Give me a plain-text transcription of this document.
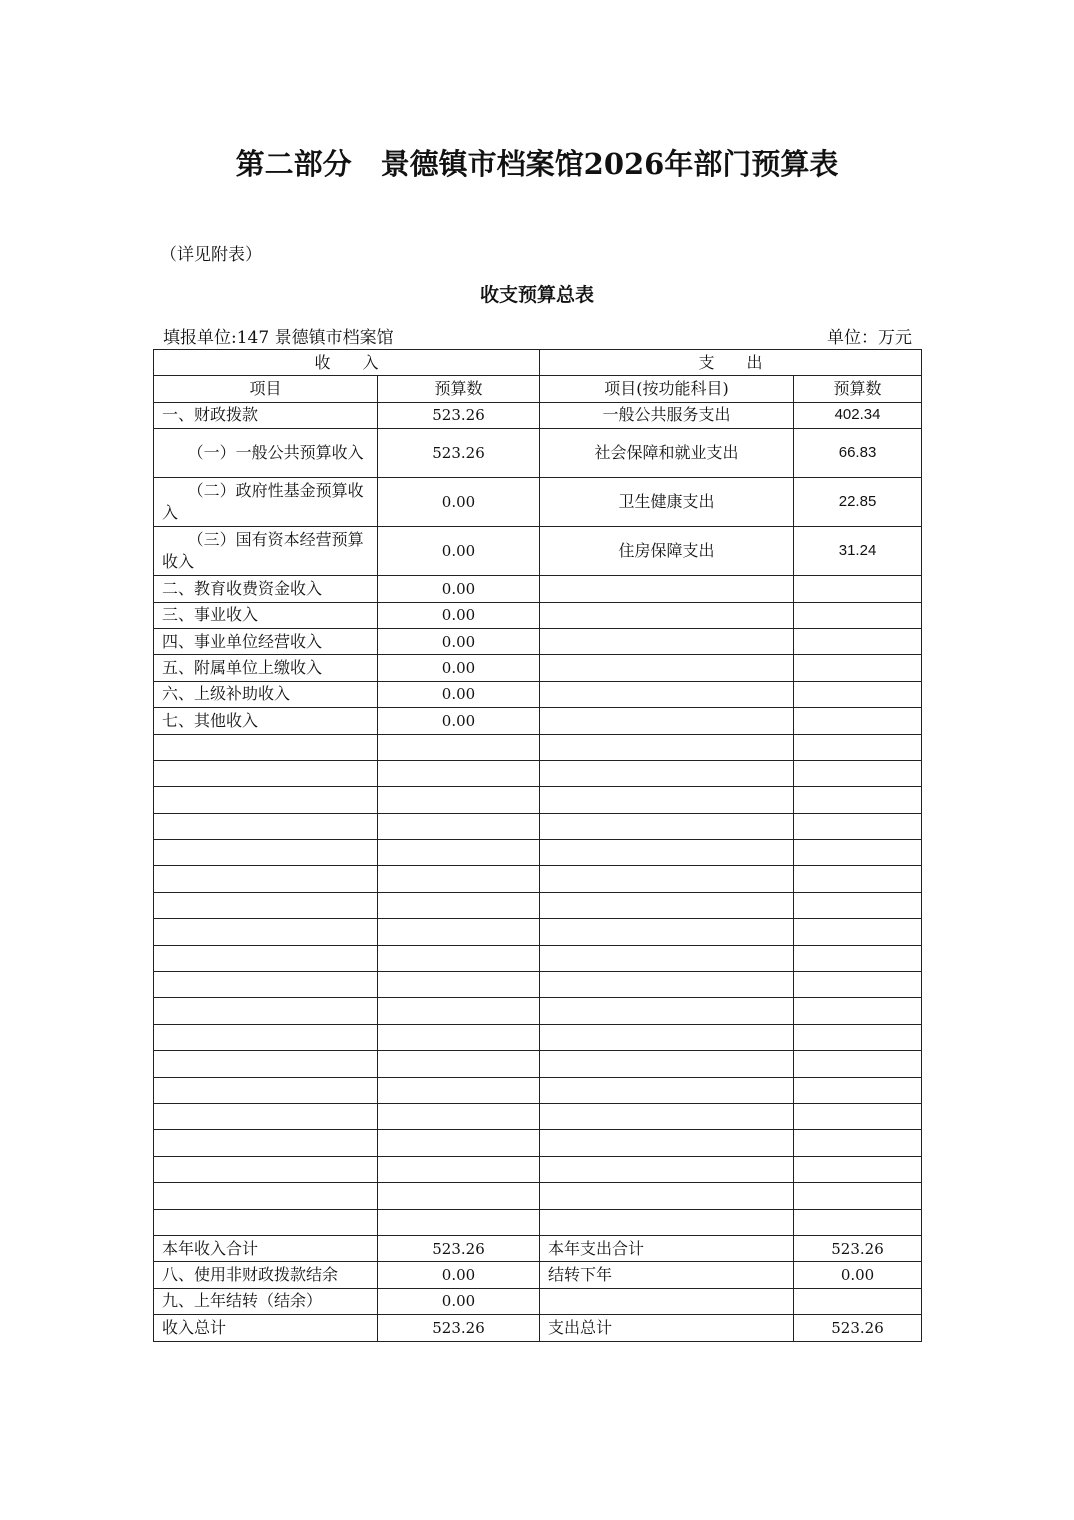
第二部分　景德镇市档案馆2026年部门预算表
（详见附表）
收支预算总表
填报单位:147 景德镇市档案馆	单位：万元
收　　入		支　　出	
项目	预算数	项目(按功能科目)	预算数
一、财政拨款	523.26	一般公共服务支出	402.34
（一）一般公共预算收入	523.26	社会保障和就业支出	66.83
（二）政府性基金预算收入	0.00	卫生健康支出	22.85
（三）国有资本经营预算收入	0.00	住房保障支出	31.24
二、教育收费资金收入	0.00		
三、事业收入	0.00		
四、事业单位经营收入	0.00		
五、附属单位上缴收入	0.00		
六、上级补助收入	0.00		
七、其他收入	0.00		

本年收入合计	523.26	本年支出合计	523.26
八、使用非财政拨款结余	0.00	结转下年	0.00
九、上年结转（结余）	0.00		
收入总计	523.26	支出总计	523.26
